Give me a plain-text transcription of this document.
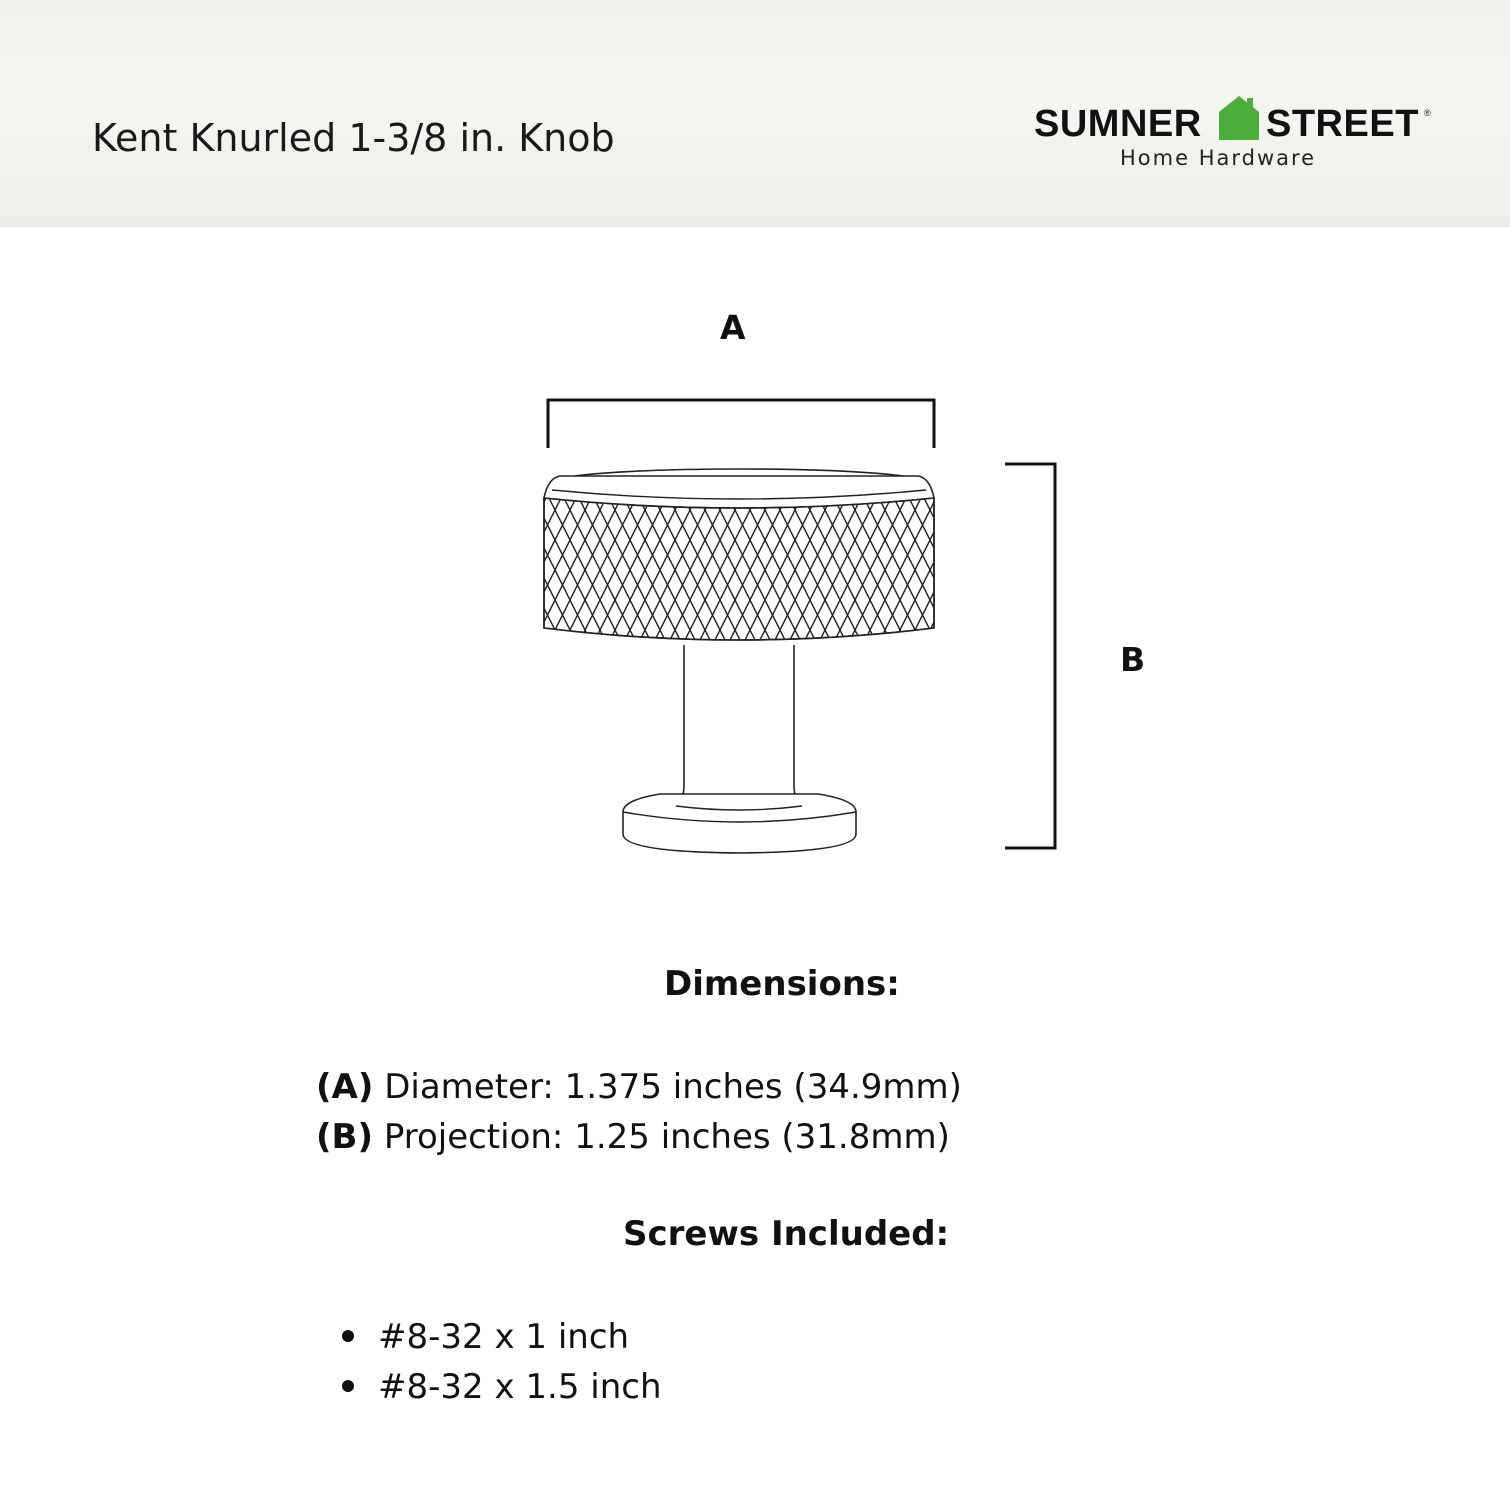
Kent Knurled 1-3/8 in. Knob	SUMNER STREET ®
Home Hardware
A
B
Dimensions:
(A) Diameter: 1.375 inches (34.9mm)
(B) Projection: 1.25 inches (31.8mm)
Screws Included:
#8-32 x 1 inch
#8-32 x 1.5 inch
